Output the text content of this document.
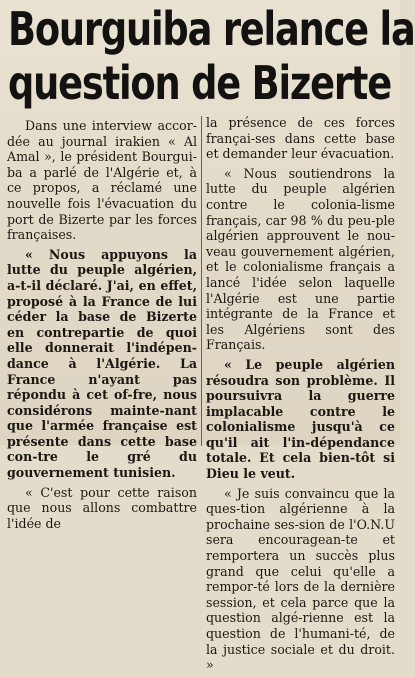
Bourguiba relance la
question de Bizerte

Dans une interview accor-dée au journal irakien « Al Amal », le président Bourgui-ba a parlé de l'Algérie et, à ce propos, a réclamé une nouvelle fois l'évacuation du port de Bizerte par les forces françaises.

« Nous appuyons la lutte du peuple algérien, a-t-il déclaré. J'ai, en effet, proposé à la France de lui céder la base de Bizerte en contrepartie de quoi elle donnerait l'indépen-dance à l'Algérie. La France n'ayant pas répondu à cet of-fre, nous considérons mainte-nant que l'armée française est présente dans cette base con-tre le gré du gouvernement tunisien.

« C'est pour cette raison que nous allons combattre l'idée de

la présence de ces forces françai-ses dans cette base et demander leur évacuation.

« Nous soutiendrons la lutte du peuple algérien contre le colonia-lisme français, car 98 % du peu-ple algérien approuvent le nou-veau gouvernement algérien, et le colonialisme français a lancé l'idée selon laquelle l'Algérie est une partie intégrante de la France et les Algériens sont des Français.

« Le peuple algérien résoudra son problème. Il poursuivra la guerre implacable contre le colonialisme jusqu'à ce qu'il ait l'in-dépendance totale. Et cela bien-tôt si Dieu le veut.

« Je suis convaincu que la ques-tion algérienne à la prochaine ses-sion de l'O.N.U sera encouragean-te et remportera un succès plus grand que celui qu'elle a rempor-té lors de la dernière session, et cela parce que la question algé-rienne est la question de l'humani-té, de la justice sociale et du droit. »
